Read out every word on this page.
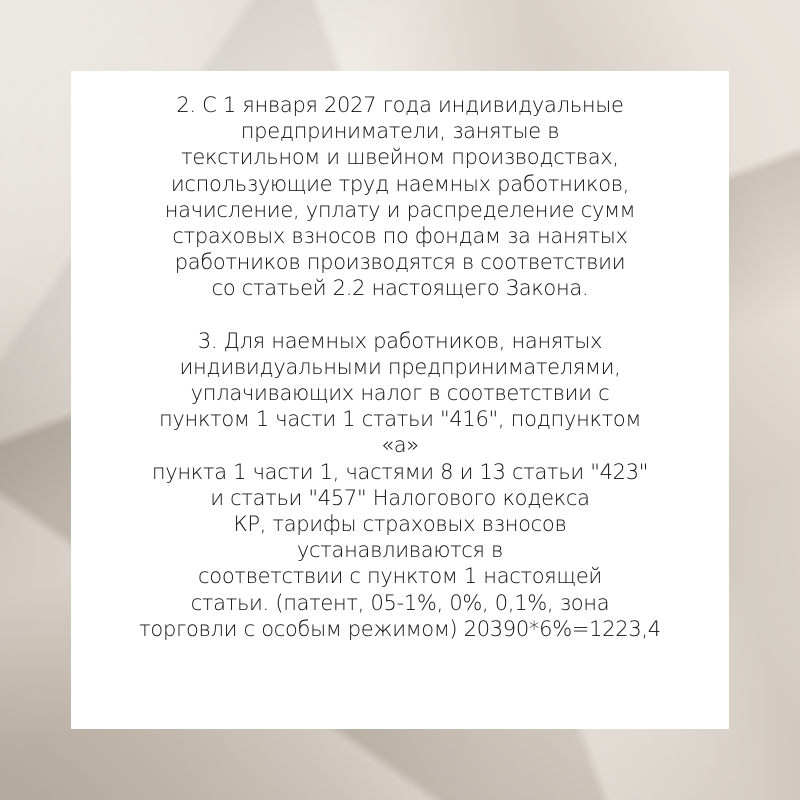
2. С 1 января 2027 года индивидуальные
предприниматели, занятые в
текстильном и швейном производствах,
использующие труд наемных работников,
начисление, уплату и распределение сумм
страховых взносов по фондам за нанятых
работников производятся в соответствии
со статьей 2.2 настоящего Закона.

3. Для наемных работников, нанятых
индивидуальными предпринимателями,
уплачивающих налог в соответствии с
пунктом 1 части 1 статьи "416", подпунктом
«а»
пункта 1 части 1, частями 8 и 13 статьи "423"
и статьи "457" Налогового кодекса
КР, тарифы страховых взносов
устанавливаются в
соответствии с пунктом 1 настоящей
статьи. (патент, 05-1%, 0%, 0,1%, зона
торговли с особым режимом) 20390*6%=1223,4
